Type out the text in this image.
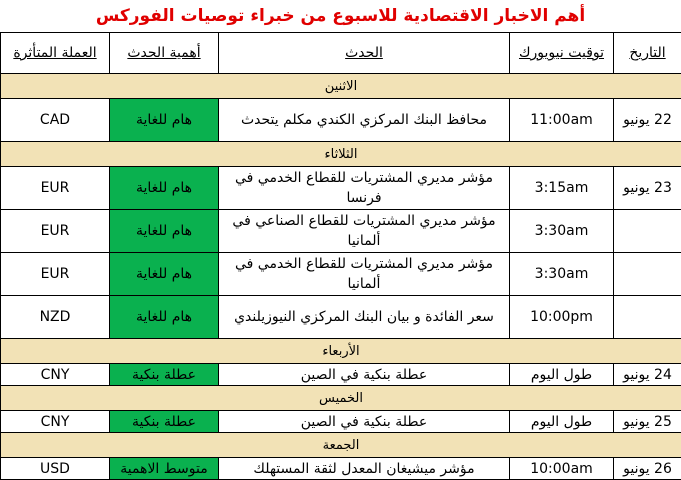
أهم الاخبار الاقتصادية للاسبوع من خبراء توصيات الفوركس
التاريخ	توقيت نيويورك	الحدث	أهمية الحدث	العملة المتأثرة
الاثنين				
22 يونيو	11:00am	محافظ البنك المركزي الكندي مكلم يتحدث	هام للغاية	CAD
الثلاثاء				
23 يونيو	3:15am	مؤشر مديري المشتريات للقطاع الخدمي في فرنسا	هام للغاية	EUR
	3:30am	مؤشر مديري المشتريات للقطاع الصناعي في ألمانيا	هام للغاية	EUR
	3:30am	مؤشر مديري المشتريات للقطاع الخدمي في ألمانيا	هام للغاية	EUR
	10:00pm	سعر الفائدة و بيان البنك المركزي النيوزيلندي	هام للغاية	NZD
الأربعاء				
24 يونيو	طول اليوم	عطلة بنكية في الصين	عطلة بنكية	CNY
الخميس				
25 يونيو	طول اليوم	عطلة بنكية في الصين	عطلة بنكية	CNY
الجمعة				
26 يونيو	10:00am	مؤشر ميشيغان المعدل لثقة المستهلك	متوسط الاهمية	USD
